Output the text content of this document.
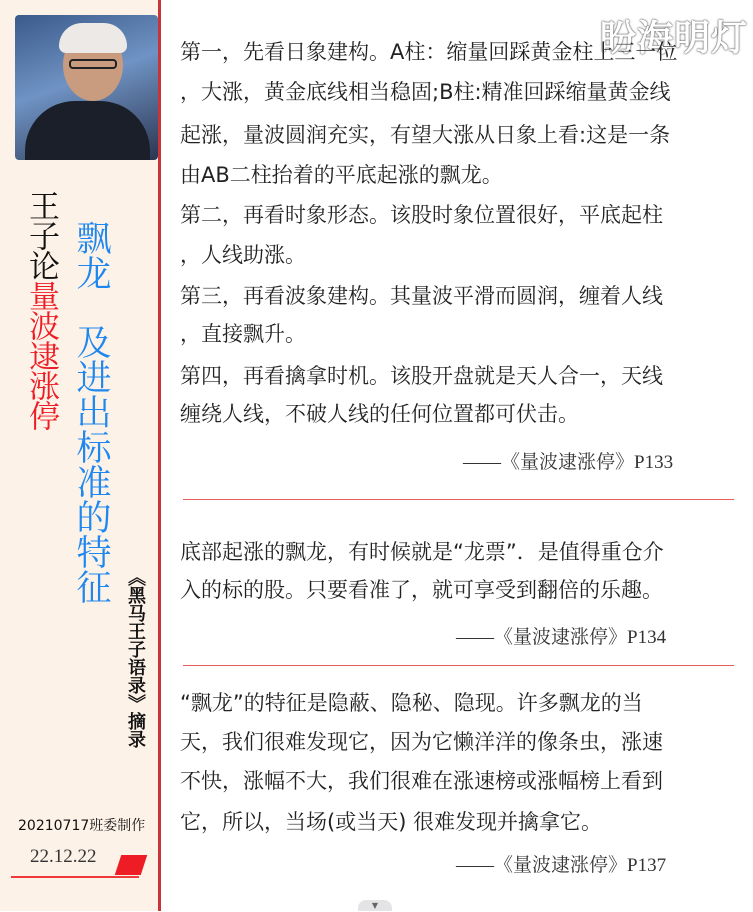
王子论量波逮涨停
飘龙及进出标准的特征
《黑马王子语录》摘录
20210717班委制作
22.12.22
盼海明灯
▼
第一，先看日象建构。A柱：缩量回踩黄金柱上三一位
，大涨，黄金底线相当稳固;B柱:精准回踩缩量黄金线
起涨，量波圆润充实，有望大涨从日象上看:这是一条
由AB二柱抬着的平底起涨的飘龙。
第二，再看时象形态。该股时象位置很好，平底起柱
，人线助涨。
第三，再看波象建构。其量波平滑而圆润，缠着人线
，直接飘升。
第四，再看擒拿时机。该股开盘就是天人合一，天线
缠绕人线，不破人线的任何位置都可伏击。
——《量波逮涨停》P133
底部起涨的飘龙，有时候就是“龙票”．是值得重仓介
入的标的股。只要看准了，就可享受到翻倍的乐趣。
——《量波逮涨停》P134
“飘龙”的特征是隐蔽、隐秘、隐现。许多飘龙的当
天，我们很难发现它，因为它懒洋洋的像条虫，涨速
不快，涨幅不大，我们很难在涨速榜或涨幅榜上看到
它，所以，当场(或当天) 很难发现并擒拿它。
——《量波逮涨停》P137
